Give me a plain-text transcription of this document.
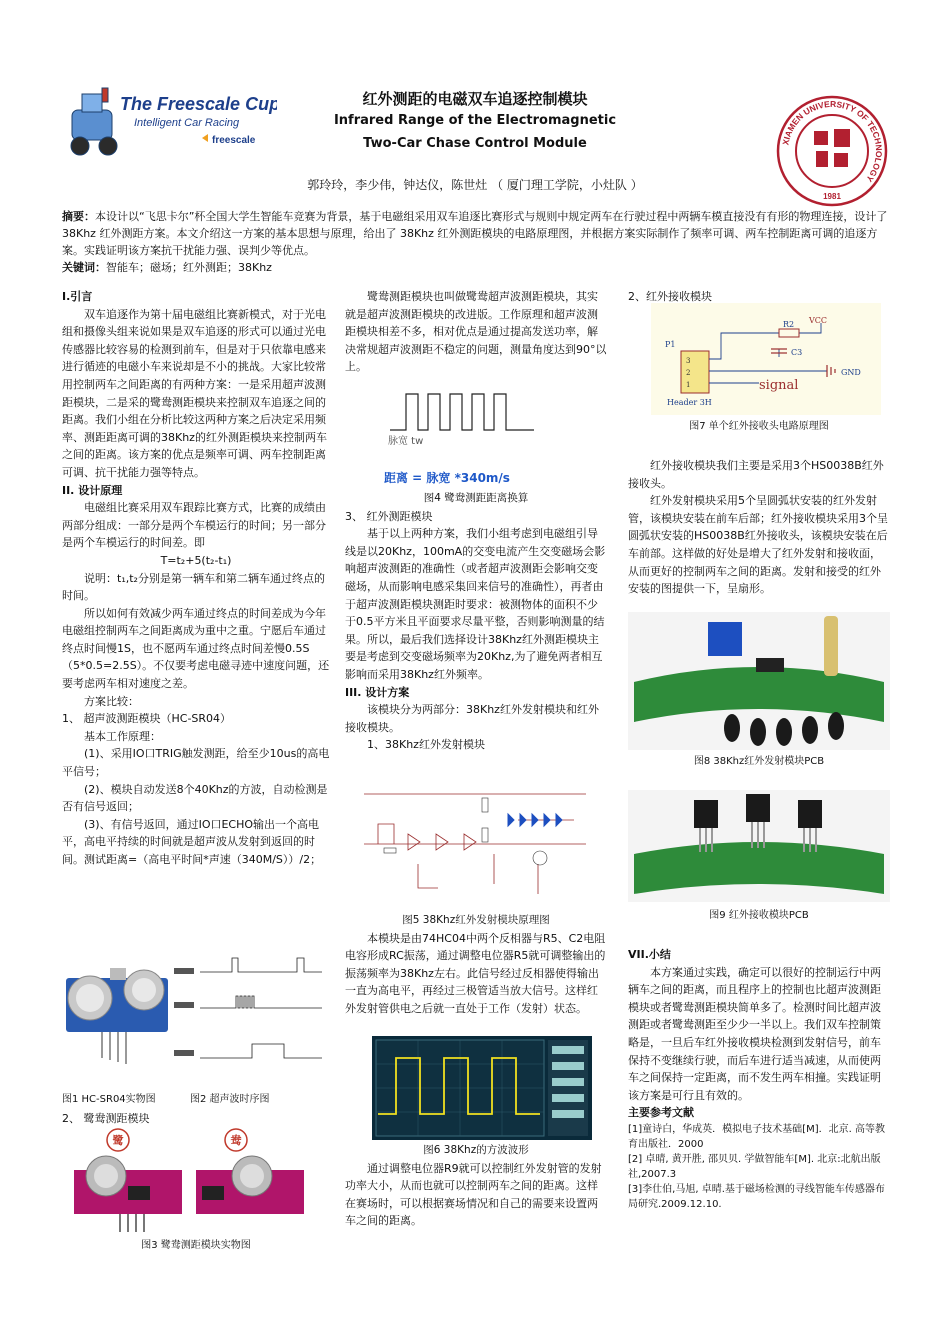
The Freescale Cup
Intelligent Car Racing
freescale	XIAMEN UNIVERSITY OF TECHNOLOGY
1981
红外测距的电磁双车追逐控制模块
Infrared Range of the Electromagnetic
Two-Car Chase Control Module
郭玲玲，李少伟，钟达仪，陈世灶 （ 厦门理工学院，小灶队 ）
摘要：本设计以“飞思卡尔”杯全国大学生智能车竞赛为背景，基于电磁组采用双车追逐比赛形式与规则中规定两车在行驶过程中两辆车模直接没有有形的物理连接，设计了 38Khz 红外测距方案。本文介绍这一方案的基本思想与原理，给出了 38Khz 红外测距模块的电路原理图，并根据方案实际制作了频率可调、两车控制距离可调的追逐方案。实践证明该方案抗干扰能力强、误判少等优点。
关键词：智能车；磁场；红外测距；38Khz

I.引言

双车追逐作为第十届电磁组比赛新模式，对于光电组和摄像头组来说如果是双车追逐的形式可以通过光电传感器比较容易的检测到前车，但是对于只依靠电感来进行循迹的电磁小车来说却是不小的挑战。大家比较常用控制两车之间距离的有两种方案：一是采用超声波测距模块，二是采的鹭鸯测距模块来控制双车追逐之间的距离。我们小组在分析比较这两种方案之后决定采用频率、测距距离可调的38Khz的红外测距模块来控制两车之间的距离。该方案的优点是频率可调、两车控制距离可调、抗干扰能力强等特点。

II. 设计原理

电磁组比赛采用双车跟踪比赛方式，比赛的成绩由两部分组成：一部分是两个车模运行的时间；另一部分是两个车模运行的时间差。即

T=t₂+5(t₂-t₁)

说明：t₁,t₂分别是第一辆车和第二辆车通过终点的时间。

所以如何有效减少两车通过终点的时间差成为今年电磁组控制两车之间距离成为重中之重。宁愿后车通过终点时间慢1S，也不愿两车通过终点时间差慢0.5S（5*0.5=2.5S）。不仅要考虑电磁寻迹中速度问题，还要考虑两车相对速度之差。

方案比较：

1、 超声波测距模块（HC-SR04）

基本工作原理：

(1)、采用IO口TRIG触发测距，给至少10us的高电平信号；

(2)、模块自动发送8个40Khz的方波，自动检测是否有信号返回；

(3)、有信号返回，通过IO口ECHO输出一个高电平，高电平持续的时间就是超声波从发射到返回的时间。测试距离=（高电平时间*声速（340M/S））/2；

图1 HC-SR04实物图	图2 超声波时序图
2、 鹭鸯测距模块
鹭	鸯
图3 鹭鸯测距模块实物图

鹭鸯测距模块也叫做鹭鸯超声波测距模块，其实就是超声波测距模块的改进版。工作原理和超声波测距模块相差不多，相对优点是通过提高发送功率，解决常规超声波测距不稳定的问题，测量角度达到90°以上。

脉宽 tw
距离 = 脉宽 *340m/s

图4 鹭鸯测距距离换算

3、 红外测距模块

基于以上两种方案，我们小组考虑到电磁组引导线是以20Khz，100mA的交变电流产生交变磁场会影响超声波测距的准确性（或者超声波测距会影响交变磁场，从而影响电感采集回来信号的准确性），再者由于超声波测距模块测距时要求：被测物体的面积不少于0.5平方米且平面要求尽量平整，否则影响测量的结果。所以，最后我们选择设计38Khz红外测距模块主要是考虑到交变磁场频率为20Khz,为了避免两者相互影响而采用38Khz红外频率。

III. 设计方案

该模块分为两部分：38Khz红外发射模块和红外接收模块。

1、38Khz红外发射模块

图5 38Khz红外发射模块原理图

本模块是由74HC04中两个反相器与R5、C2电阻电容形成RC振荡，通过调整电位器R5就可调整输出的振荡频率为38Khz左右。此信号经过反相器使得输出一直为高电平，再经过三极管适当放大信号。这样红外发射管供电之后就一直处于工作（发射）状态。

图6 38Khz的方波波形

通过调整电位器R9就可以控制红外发射管的发射功率大小，从而也就可以控制两车之间的距离。这样在赛场时，可以根据赛场情况和自己的需要来设置两车之间的距离。

2、红外接收模块
P1
3
2
1
R2 VCC
C3
GND
signal
Header 3H
图7 单个红外接收头电路原理图

红外接收模块我们主要是采用3个HS0038B红外接收头。

红外发射模块采用5个呈圆弧状安装的红外发射管，该模块安装在前车后部；红外接收模块采用3个呈圆弧状安装的HS0038B红外接收头，该模块安装在后车前部。这样做的好处是增大了红外发射和接收面，从而更好的控制两车之间的距离。发射和接受的红外安装的图提供一下，呈扇形。

图8 38Khz红外发射模块PCB
图9 红外接收模块PCB

VII.小结

本方案通过实践，确定可以很好的控制运行中两辆车之间的距离，而且程序上的控制也比超声波测距模块或者鹭鸯测距模块简单多了。检测时间比超声波测距或者鹭鸯测距至少少一半以上。我们双车控制策略是，一旦后车红外接收模块检测到发射信号，前车保持不变继续行驶，而后车进行适当减速，从而使两车之间保持一定距离，而不发生两车相撞。实践证明该方案是可行且有效的。

主要参考文献

[1]童诗白，华成英．模拟电子技术基础[M]．北京. 高等教育出版社．2000

[2] 卓晴, 黄开胜, 邵贝贝. 学做智能车[M]. 北京:北航出版社,2007.3

[3]李仕伯,马旭, 卓晴.基于磁场检测的寻线智能车传感器布局研究.2009.12.10.
